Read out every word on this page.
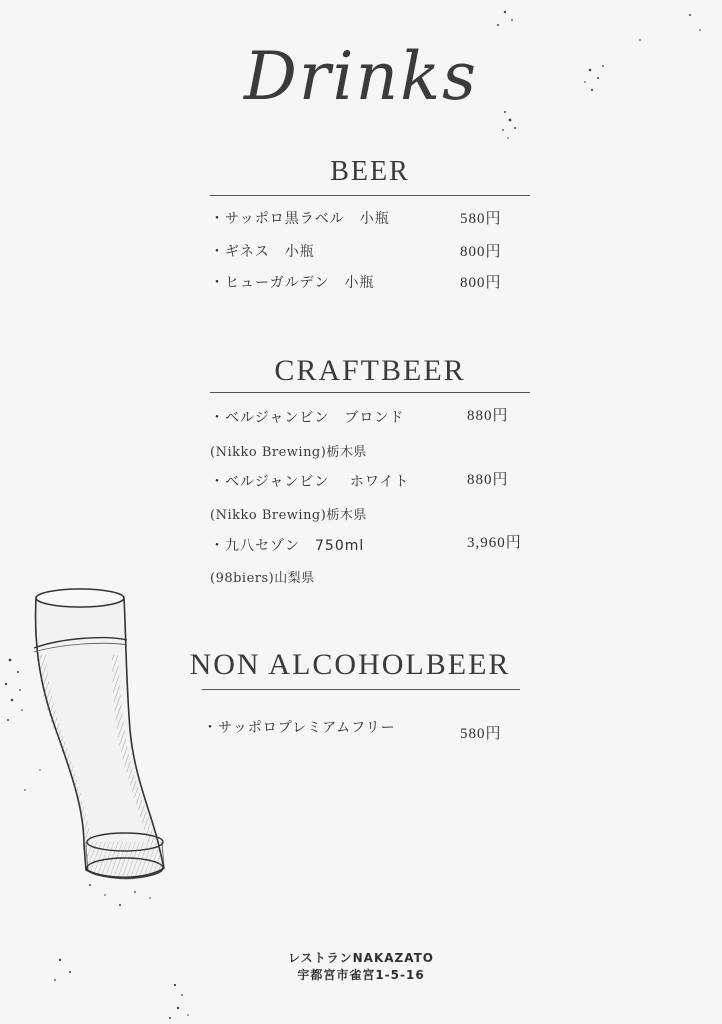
Drinks
BEER
・サッポロ黒ラベル　小瓶	580円
・ギネス　小瓶	800円
・ヒューガルデン　小瓶	800円
CRAFTBEER
・ベルジャンビン　ブロンド	880円
(Nikko Brewing)栃木県
・ベルジャンビン　 ホワイト	880円
(Nikko Brewing)栃木県
・九八セゾン　750ml	3,960円
(98biers)山梨県
NON ALCOHOLBEER
・サッポロプレミアムフリー	580円
レストランNAKAZATO
宇都宮市雀宮1-5-16
